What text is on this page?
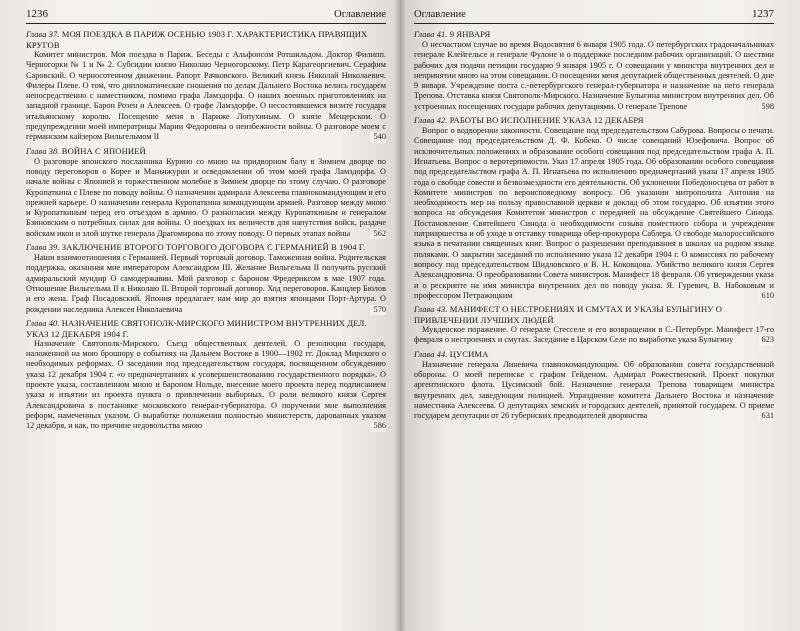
1236	Оглавление
Глава 37. МОЯ ПОЕЗДКА В ПАРИЖ ОСЕНЬЮ 1903 Г. ХАРАКТЕРИСТИКА ПРАВЯЩИХ КРУГОВ
Комитет министров. Моя поездка в Париж. Беседы с Альфонсом Ротшильдом. Доктор Филипп. Черногорки № 1 и № 2. Субсидии князю Николаю Черногорскому. Петр Карагеоргиевич. Серафим Саровский. О черносотенном движении. Рапорт Рачковского. Великий князь Николай Николаевич. Филеры Плеве. О том, что дипломатические сношения по делам Дальнего Востока велись государем непосредственно с наместником, помимо графа Ламздорфа. О наших военных приготовлениях на западной границе. Барон Розен и Алексеев. О графе Ламздорфе. О несостоявшемся визите государя итальянскому королю. Посещение меня в Париже Лопухиным. О князе Мещерском. О предупреждении моей императрицы Марии Федоровны о неизбежности войны. О разговоре моем с германским кайзером Вильгельмом II	540
Глава 38. ВОЙНА С ЯПОНИЕЙ
О разговоре японского посланника Курино со мною на придворном балу в Зимнем дворце по поводу переговоров о Корее и Маньчжурии и осведомлении об этом моей графа Ламздорфа. О начале войны с Японией и торжественном молебне в Зимнем дворце по этому случаю. О разговоре Куропаткина с Плеве по поводу войны. О назначении адмирала Алексеева главнокомандующим и его прежней карьере. О назначении генерала Куропаткина командующим армией. Разговор между мною и Куропаткиным перед его отъездом в армию. О разногласии между Куропаткиным и генералом Бзиновским о потребных силах для войны. О поездках их величеств для напутствия войск, раздаче войскам икон и злой шутке генерала Драгомирова по этому поводу. О первых этапах войны	562
Глава 39. ЗАКЛЮЧЕНИЕ ВТОРОГО ТОРГОВОГО ДОГОВОРА С ГЕРМАНИЕЙ В 1904 Г.
Наши взаимоотношения с Германией. Первый торговый договор. Таможенная война. Родительская поддержка, оказанная мне императором Александром III. Желание Вильгельма II получить русский адмиральский мундир О самодержавии. Мой разговор с бароном Фредериксом в мае 1907 года. Отношение Вильгельма II к Николаю II. Второй торговый договор. Ход переговоров. Канцлер Бюлов и его жена. Граф Посадовский. Япония предлагает нам мир до взятия японцами Порт-Артура. О рождении наследника Алексея Николаевича	570
Глава 40. НАЗНАЧЕНИЕ СВЯТОПОЛК-МИРСКОГО МИНИСТРОМ ВНУТРЕННИХ ДЕЛ. УКАЗ 12 ДЕКАБРЯ 1904 Г.
Назначение Святополк-Мирского. Съезд общественных деятелей. О резолюции государя, наложенной на мою брошюру о событиях на Дальнем Востоке в 1900—1902 гг. Доклад Мирского о необходимых реформах. О заседании под председательством государя, посвященном обсуждению указа 12 декабря 1904 г. «о предначертаниях к усовершенствованию государственного порядка». О проекте указа, составленном мною и бароном Нольде, внесение моего проекта перед подписанием указа и изъятии из проекта пункта о привлечении выборных. О роли великого князя Сергея Александровича в постановке московского генерал-губернатора. О поручении мне выполнения реформ, намеченных указом. О выработке положения полностью министерств, дарованных указом 12 декабря, и как, по причине недовольства мною	586
Оглавление	1237
Глава 41. 9 ЯНВАРЯ
О несчастном случае во время Водосвятия 6 января 1905 года. О петербургских градоначальниках генерале Клейгельсе и генерале Фулоне и о поддержке последним рабочих организаций. О шествии рабочих для подачи петиции государю 9 января 1905 г. О совещании у министра внутренних дел и непринятии мною на этом совещании. О посещении меня депутацией общественных деятелей. О дне 9 января. Учреждение поста с.-петербургского генерал-губернатора и назначение на него генерала Трепова. Отставка князя Святополк-Мирского. Назначение Булыгина министром внутренних дел. Об устроенных посещениях государя рабочих депутациями. О генерале Трепове	598
Глава 42. РАБОТЫ ВО ИСПОЛНЕНИЕ УКАЗА 12 ДЕКАБРЯ
Вопрос о водворении законности. Совещание под председательством Сабурова. Вопросы о печати. Совещание под председательством Д. Ф. Кобеко. О числе совещаний Юзефовича. Вопрос об исключительных положениях и образование особого совещания под председательством графа А. П. Игнатьева. Вопрос о веротерпимости. Указ 17 апреля 1905 года. Об образовании особого совещания под председательством графа А. П. Игнатьева по исполнению предначертаний указа 17 апреля 1905 года о свободе совести и безвозмездности его деятельности. Об уклонении Победоносцева от работ в Комитете министров по вероисповедному вопросу. Об указании митрополита Антония на необходимость мер на пользу православной церкви и доклад об этом государю. Об изъятии этого вопроса на обсуждения Комитетом министров с передачей на обсуждение Святейшего Синода. Постановление Святейшего Синода о необходимости созыва поместного собора и учреждения патриаршества и об уходе в отставку товарища обер-прокурора Саблера. О свободе малороссийского языка в печатании священных книг. Вопрос о разрешении преподавания в школах на родном языке поляками. О закрытии заседаний по исполнению указа 12 декабря 1904 г. О комиссиях по рабочему вопросу под председательством Шидловского и В. Н. Коковцова. Убийство великого князя Сергея Александровича. О преобразовании Совета министров. Манифест 18 февраля. Об утверждении указа и о рескрипте на имя министра внутренних дел по поводу указа. Я. Гуревич, В. Набоковым и профессором Петражицким	610
Глава 43. МАНИФЕСТ О НЕСТРОЕНИЯХ И СМУТАХ И УКАЗЫ БУЛЫГИНУ О ПРИВЛЕЧЕНИИ ЛУЧШИХ ЛЮДЕЙ
Мукденское поражение. О генерале Стесселе и его возвращении в С.-Петербург. Манифест 17-го февраля о нестроениях и смутах. Заседание в Царском Селе по выработке указа Булыгину	623
Глава 44. ЦУСИМА
Назначение генерала Линевича главнокомандующим. Об образовании совета государственной обороны. О моей переписке с графом Гейденом. Адмирал Рожественский. Проект покупки аргентинского флота. Цусимский бой. Назначение генерала Трепова товарищем министра внутренних дел, заведующим полицией. Упразднение комитета Дальнего Востока и назначение наместника Алексеева. О депутациях земских и городских деятелей, принятой государем. О приеме государем депутации от 26 губернских предводителей дворянства	631
